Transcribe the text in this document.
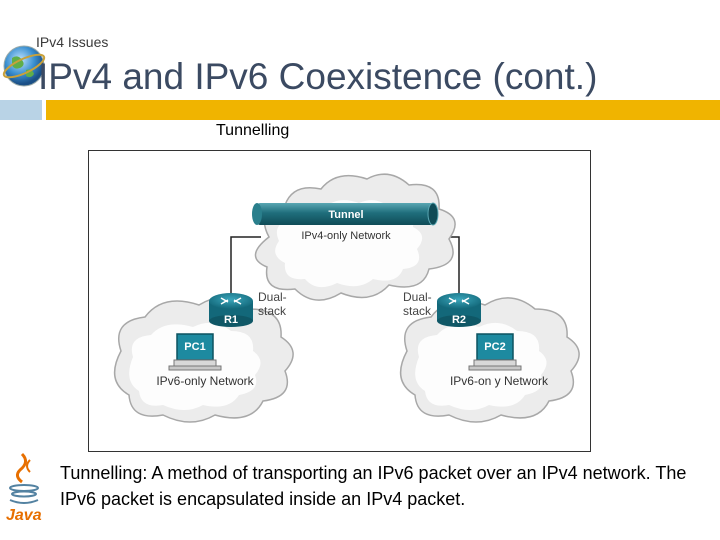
IPv4 Issues
IPv4 and IPv6 Coexistence (cont.)
Tunnelling
Tunnel
IPv4-only Network
R1
Dual-
stack
R2
Dual-
stack
PC1	PC2
IPv6-only Network	IPv6-on y Network
Java
Tunnelling: A method of transporting an IPv6 packet over an IPv4 network. The IPv6 packet is encapsulated inside an IPv4 packet.
